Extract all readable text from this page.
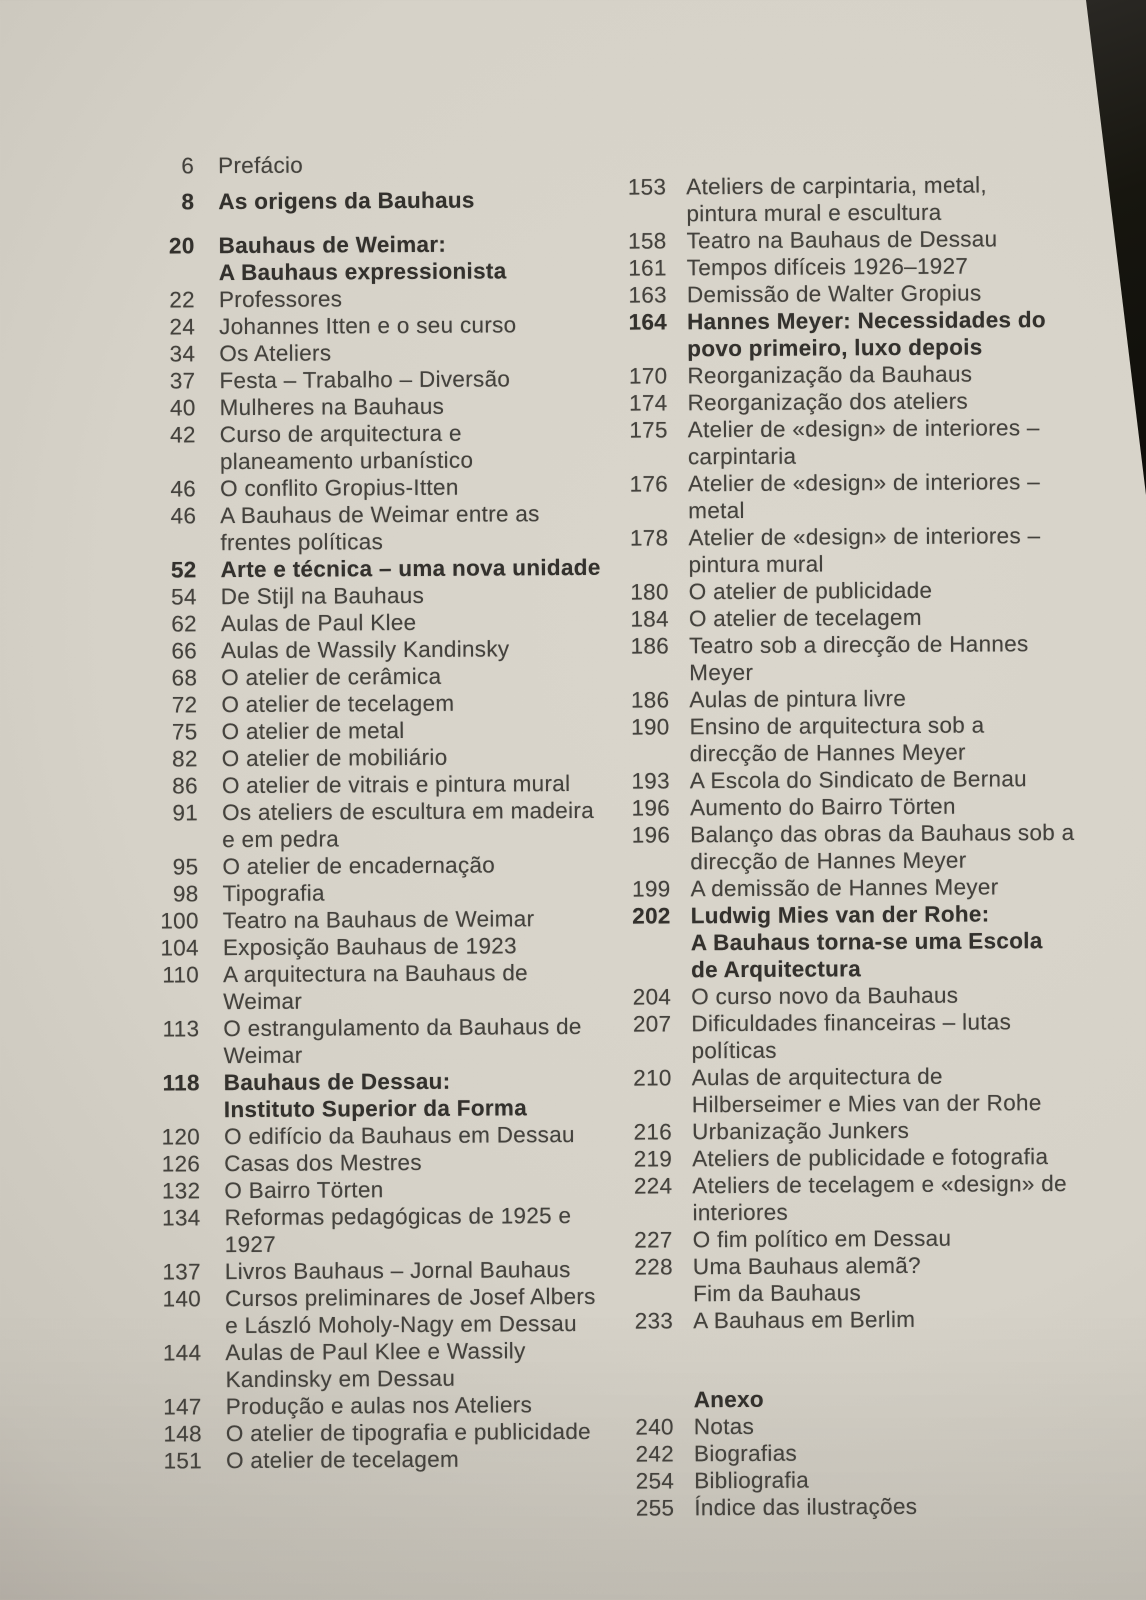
6 Prefácio
8 As origens da Bauhaus
20 Bauhaus de Weimar:
A Bauhaus expressionista
22 Professores
24 Johannes Itten e o seu curso
34 Os Ateliers
37 Festa – Trabalho – Diversão
40 Mulheres na Bauhaus
42 Curso de arquitectura e
planeamento urbanístico
46 O conflito Gropius-Itten
46 A Bauhaus de Weimar entre as
frentes políticas
52 Arte e técnica – uma nova unidade
54 De Stijl na Bauhaus
62 Aulas de Paul Klee
66 Aulas de Wassily Kandinsky
68 O atelier de cerâmica
72 O atelier de tecelagem
75 O atelier de metal
82 O atelier de mobiliário
86 O atelier de vitrais e pintura mural
91 Os ateliers de escultura em madeira
e em pedra
95 O atelier de encadernação
98 Tipografia
100 Teatro na Bauhaus de Weimar
104 Exposição Bauhaus de 1923
110 A arquitectura na Bauhaus de
Weimar
113 O estrangulamento da Bauhaus de
Weimar
118 Bauhaus de Dessau:
Instituto Superior da Forma
120 O edifício da Bauhaus em Dessau
126 Casas dos Mestres
132 O Bairro Törten
134 Reformas pedagógicas de 1925 e
1927
137 Livros Bauhaus – Jornal Bauhaus
140 Cursos preliminares de Josef Albers
e László Moholy-Nagy em Dessau
144 Aulas de Paul Klee e Wassily
Kandinsky em Dessau
147 Produção e aulas nos Ateliers
148 O atelier de tipografia e publicidade
151 O atelier de tecelagem
153 Ateliers de carpintaria, metal,
pintura mural e escultura
158 Teatro na Bauhaus de Dessau
161 Tempos difíceis 1926–1927
163 Demissão de Walter Gropius
164 Hannes Meyer: Necessidades do
povo primeiro, luxo depois
170 Reorganização da Bauhaus
174 Reorganização dos ateliers
175 Atelier de «design» de interiores –
carpintaria
176 Atelier de «design» de interiores –
metal
178 Atelier de «design» de interiores –
pintura mural
180 O atelier de publicidade
184 O atelier de tecelagem
186 Teatro sob a direcção de Hannes
Meyer
186 Aulas de pintura livre
190 Ensino de arquitectura sob a
direcção de Hannes Meyer
193 A Escola do Sindicato de Bernau
196 Aumento do Bairro Törten
196 Balanço das obras da Bauhaus sob a
direcção de Hannes Meyer
199 A demissão de Hannes Meyer
202 Ludwig Mies van der Rohe:
A Bauhaus torna-se uma Escola
de Arquitectura
204 O curso novo da Bauhaus
207 Dificuldades financeiras – lutas
políticas
210 Aulas de arquitectura de
Hilberseimer e Mies van der Rohe
216 Urbanização Junkers
219 Ateliers de publicidade e fotografia
224 Ateliers de tecelagem e «design» de
interiores
227 O fim político em Dessau
228 Uma Bauhaus alemã?
Fim da Bauhaus
233 A Bauhaus em Berlim
Anexo
240 Notas
242 Biografias
254 Bibliografia
255 Índice das ilustrações
